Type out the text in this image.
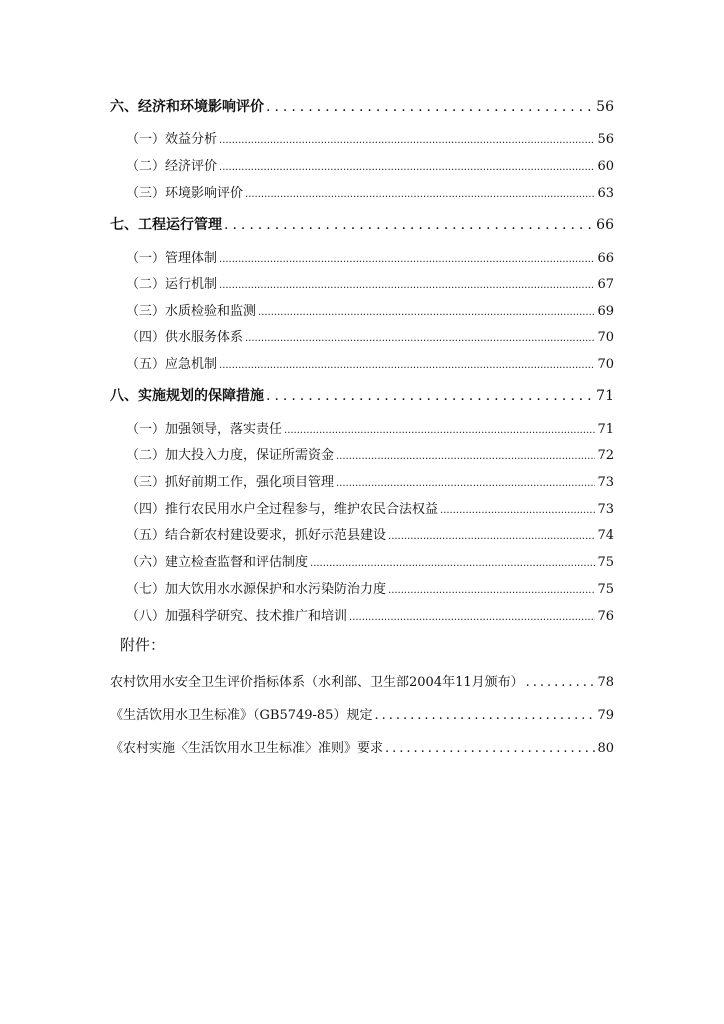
六、经济和环境影响评价 .....	56
（一）效益分析 .....	56
（二）经济评价 .....	60
（三）环境影响评价 .....	63
七、工程运行管理 .....	66
（一）管理体制 .....	66
（二）运行机制 .....	67
（三）水质检验和监测 .....	69
（四）供水服务体系 .....	70
（五）应急机制 .....	70
八、实施规划的保障措施 .....	71
（一）加强领导，落实责任 .....	71
（二）加大投入力度，保证所需资金 .....	72
（三）抓好前期工作，强化项目管理 .....	73
（四）推行农民用水户全过程参与，维护农民合法权益 .....	73
（五）结合新农村建设要求，抓好示范县建设 .....	74
（六）建立检查监督和评估制度 .....	75
（七）加大饮用水水源保护和水污染防治力度 .....	75
（八）加强科学研究、技术推广和培训 .....	76
附件：
农村饮用水安全卫生评价指标体系（水利部、卫生部2004年11月颁布） .....	78
《生活饮用水卫生标准》（GB5749-85）规定 .....	79
《农村实施〈生活饮用水卫生标准〉准则》要求 .....	80
